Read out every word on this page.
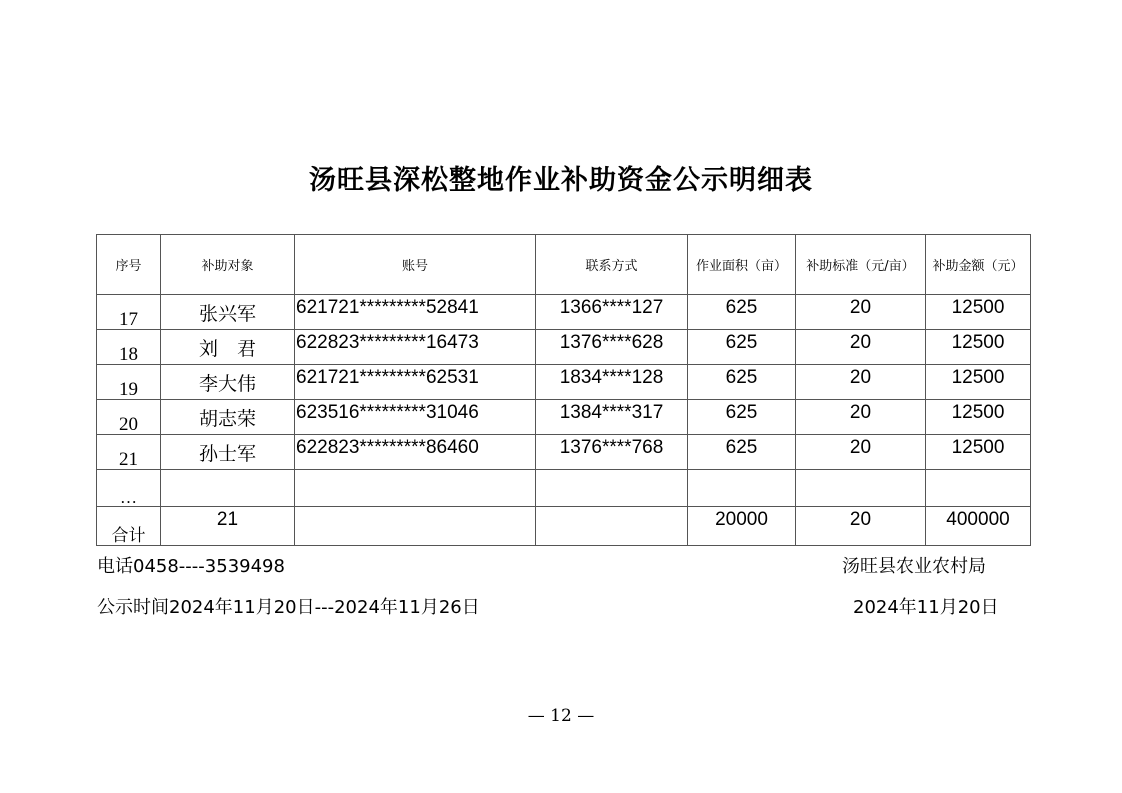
汤旺县深松整地作业补助资金公示明细表
序号	补助对象	账号	联系方式	作业面积（亩）	补助标准（元/亩）	补助金额（元）
17	张兴军	621721*********52841	1366****127	625	20	12500
18	刘　君	622823*********16473	1376****628	625	20	12500
19	李大伟	621721*********62531	1834****128	625	20	12500
20	胡志荣	623516*********31046	1384****317	625	20	12500
21	孙士军	622823*********86460	1376****768	625	20	12500
…						
合计	21			20000	20	400000
电话0458----3539498	汤旺县农业农村局
公示时间2024年11月20日---2024年11月26日	2024年11月20日
— 12 —
